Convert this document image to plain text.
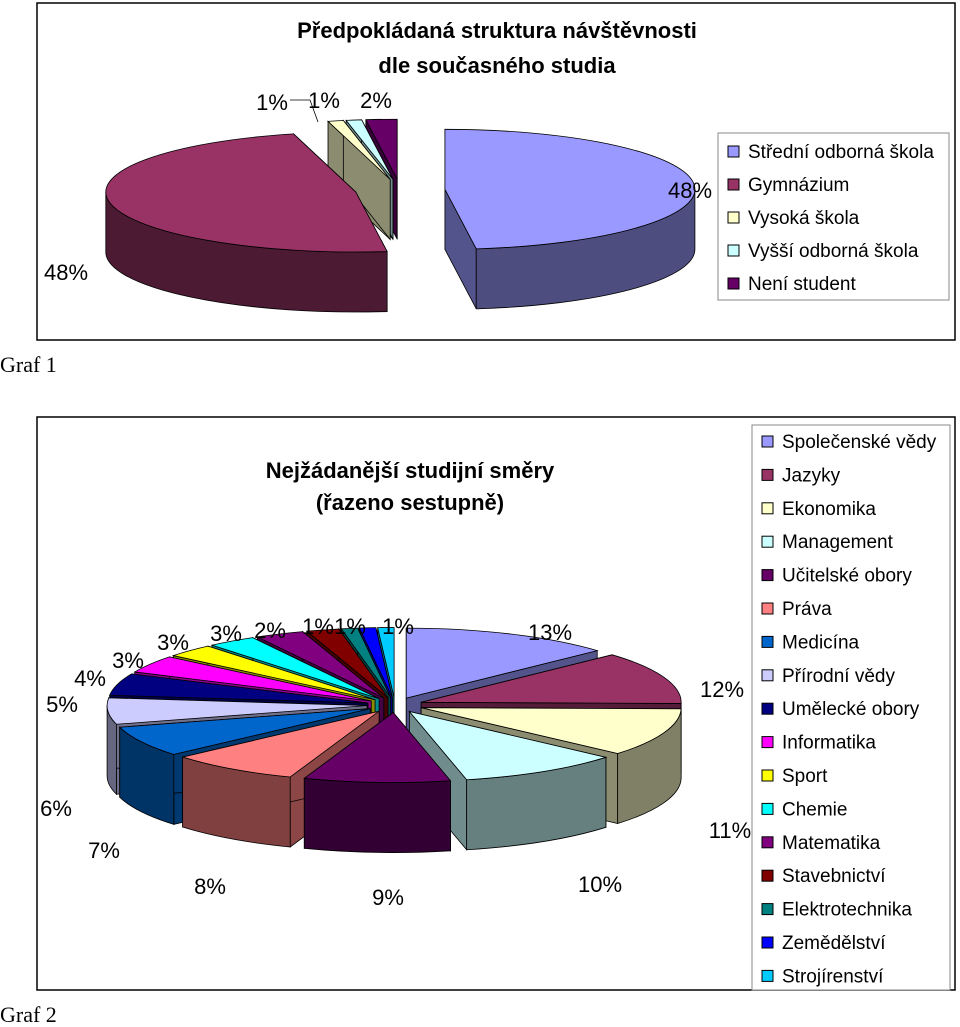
Předpokládaná struktura návštěvnosti
dle současného studia
48%
48%
1% 1% 2%
Střední odborná škola
Gymnázium
Vysoká škola
Vyšší odborná škola
Není student
Graf 1
Nejžádanější studijní směry
(řazeno sestupně)
13%
12%
11%
10%
9%
8%
7%
6%
5%
4%
3%
3% 3% 2% 1% 1% 1%
Společenské vědy
Jazyky
Ekonomika
Management
Učitelské obory
Práva
Medicína
Přírodní vědy
Umělecké obory
Informatika
Sport
Chemie
Matematika
Stavebnictví
Elektrotechnika
Zemědělství
Strojírenství
Graf 2
